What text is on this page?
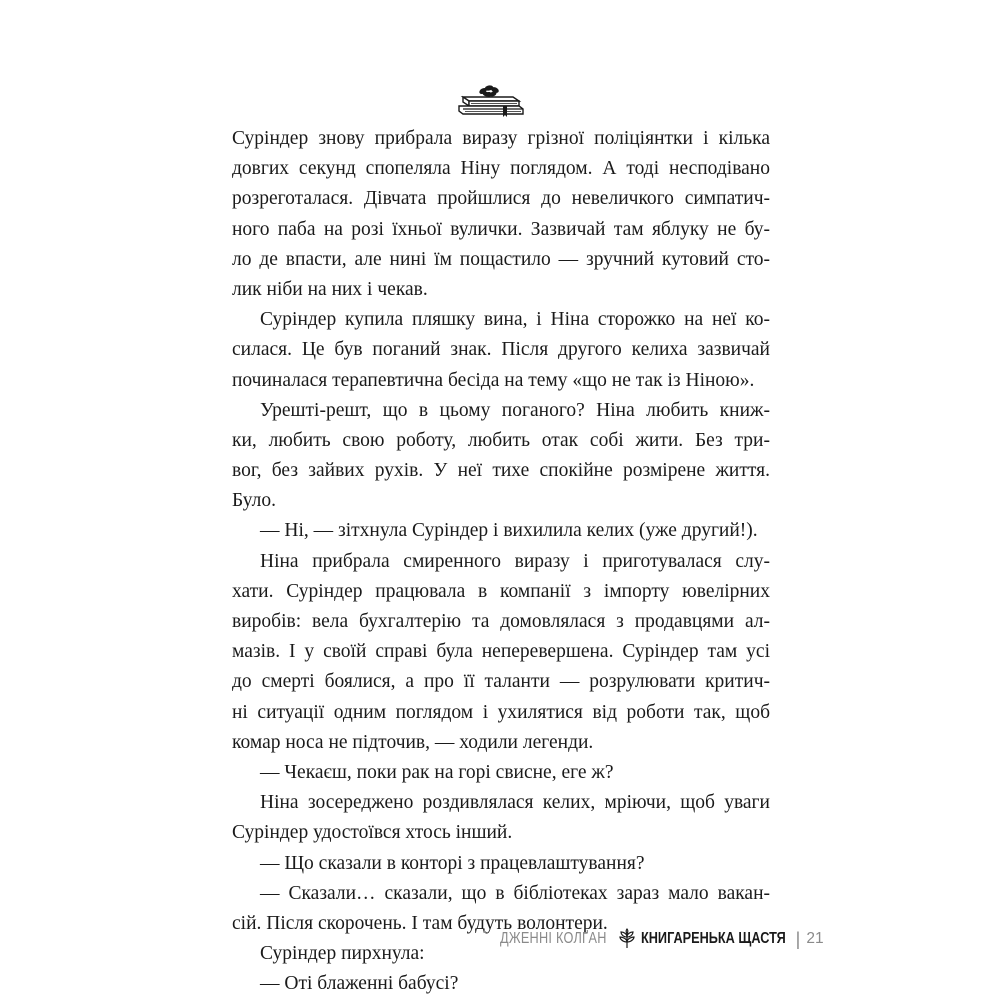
Суріндер знову прибрала виразу грізної поліціянтки і кілька
довгих секунд спопеляла Ніну поглядом. А тоді несподівано
розреготалася. Дівчата пройшлися до невеличкого симпатич-
ного паба на розі їхньої вулички. Зазвичай там яблуку не бу-
ло де впасти, але нині їм пощастило — зручний кутовий сто-
лик ніби на них і чекав.
Суріндер купила пляшку вина, і Ніна сторожко на неї ко-
силася. Це був поганий знак. Після другого келиха зазвичай
починалася терапевтична бесіда на тему «що не так із Ніною».
Урешті-решт, що в цьому поганого? Ніна любить книж-
ки, любить свою роботу, любить отак собі жити. Без три-
вог, без зайвих рухів. У неї тихе спокійне розмірене життя.
Було.
— Ні, — зітхнула Суріндер і вихилила келих (уже другий!).
Ніна прибрала смиренного виразу і приготувалася слу-
хати. Суріндер працювала в компанії з імпорту ювелірних
виробів: вела бухгалтерію та домовлялася з продавцями ал-
мазів. І у своїй справі була неперевершена. Суріндер там усі
до смерті боялися, а про її таланти — розрулювати критич-
ні ситуації одним поглядом і ухилятися від роботи так, щоб
комар носа не підточив, — ходили легенди.
— Чекаєш, поки рак на горі свисне, еге ж?
Ніна зосереджено роздивлялася келих, мріючи, щоб уваги
Суріндер удостоївся хтось інший.
— Що сказали в конторі з працевлаштування?
— Сказали… сказали, що в бібліотеках зараз мало вакан-
сій. Після скорочень. І там будуть волонтери.
Суріндер пирхнула:
— Оті блаженні бабусі?
ДЖЕННІ КОЛҐАН КНИГАРЕНЬКА ЩАСТЯ | 21
